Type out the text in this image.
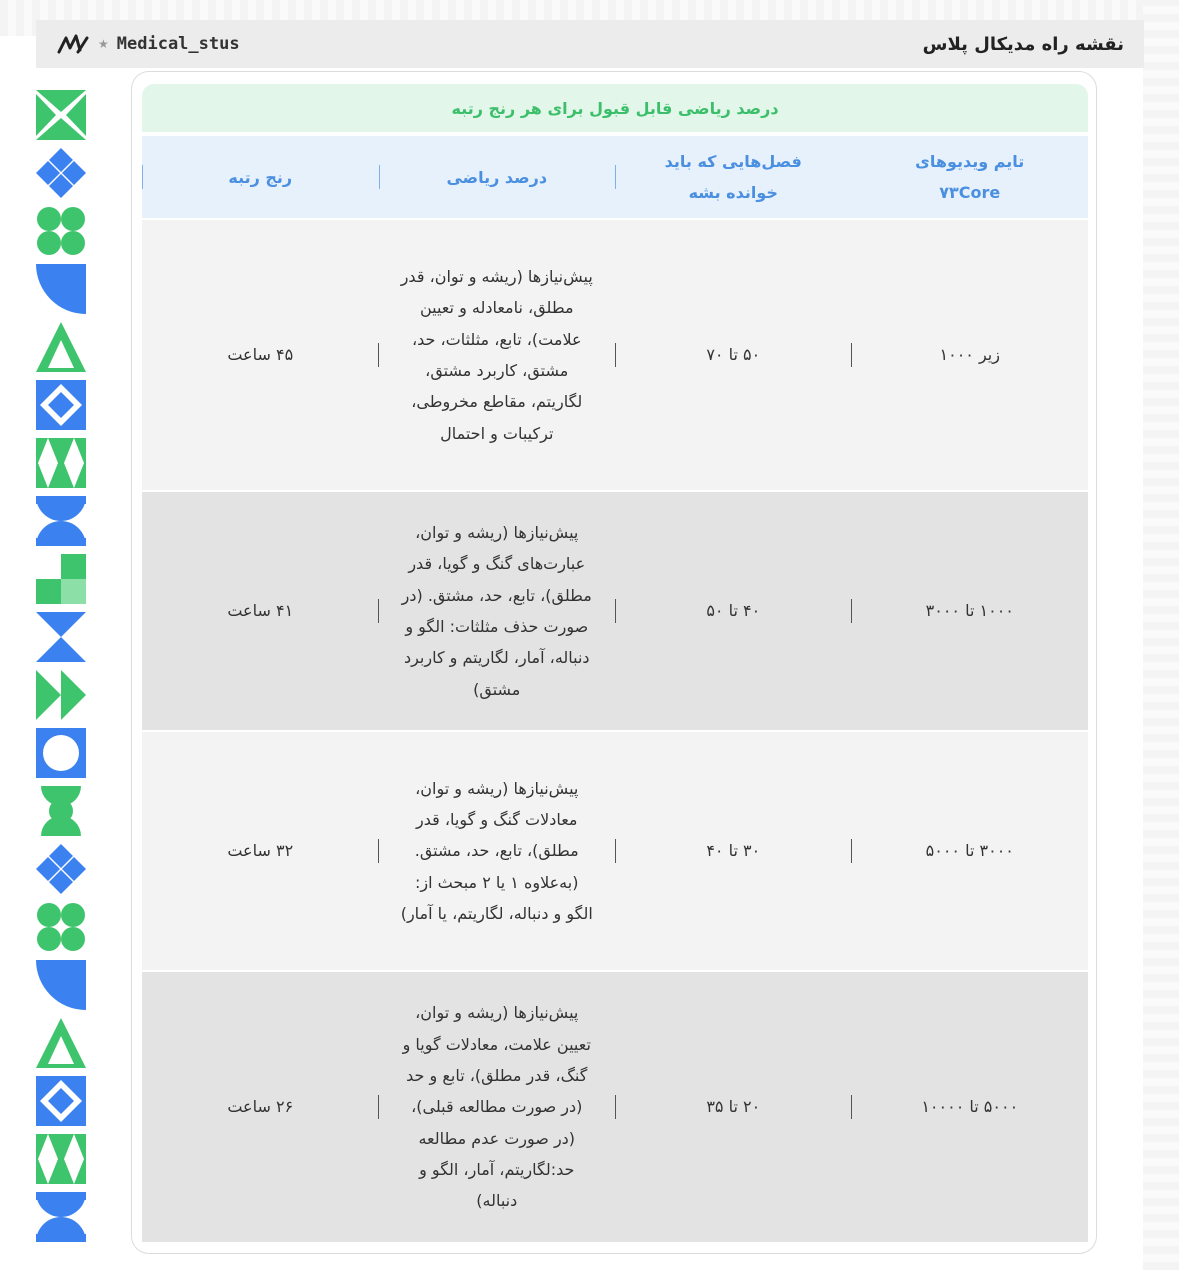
★ Medical_stus	نقشه راه مدیکال پلاس
درصد ریاضی قابل قبول برای هر رنج رتبه
رنج رتبه	درصد ریاضی
فصل‌هایی که باید خوانده بشه
تایم ویدیوهای ۷۳Core
زیر ۱۰۰۰
۵۰ تا ۷۰
پیش‌نیازها (ریشه و توان، قدر مطلق، نامعادله و تعیین علامت)، تابع، مثلثات، حد، مشتق، کاربرد مشتق، لگاریتم، مقاطع مخروطی، ترکیبات و احتمال
۴۵ ساعت
۱۰۰۰ تا ۳۰۰۰
۴۰ تا ۵۰
پیش‌نیازها (ریشه و توان، عبارت‌های گنگ و گویا، قدر مطلق)، تابع، حد، مشتق. (در صورت حذف مثلثات: الگو و دنباله، آمار، لگاریتم و کاربرد مشتق)
۴۱ ساعت
۳۰۰۰ تا ۵۰۰۰
۳۰ تا ۴۰
پیش‌نیازها (ریشه و توان، معادلات گنگ و گویا، قدر مطلق)، تابع، حد، مشتق. (به‌علاوه ۱ یا ۲ مبحث از: الگو و دنباله، لگاریتم، یا آمار)
۳۲ ساعت
۵۰۰۰ تا ۱۰۰۰۰
۲۰ تا ۳۵
پیش‌نیازها (ریشه و توان، تعیین علامت، معادلات گویا و گنگ، قدر مطلق)، تابع و حد (در صورت مطالعه قبلی)، (در صورت عدم مطالعه حد:لگاریتم، آمار، الگو و دنباله)
۲۶ ساعت
